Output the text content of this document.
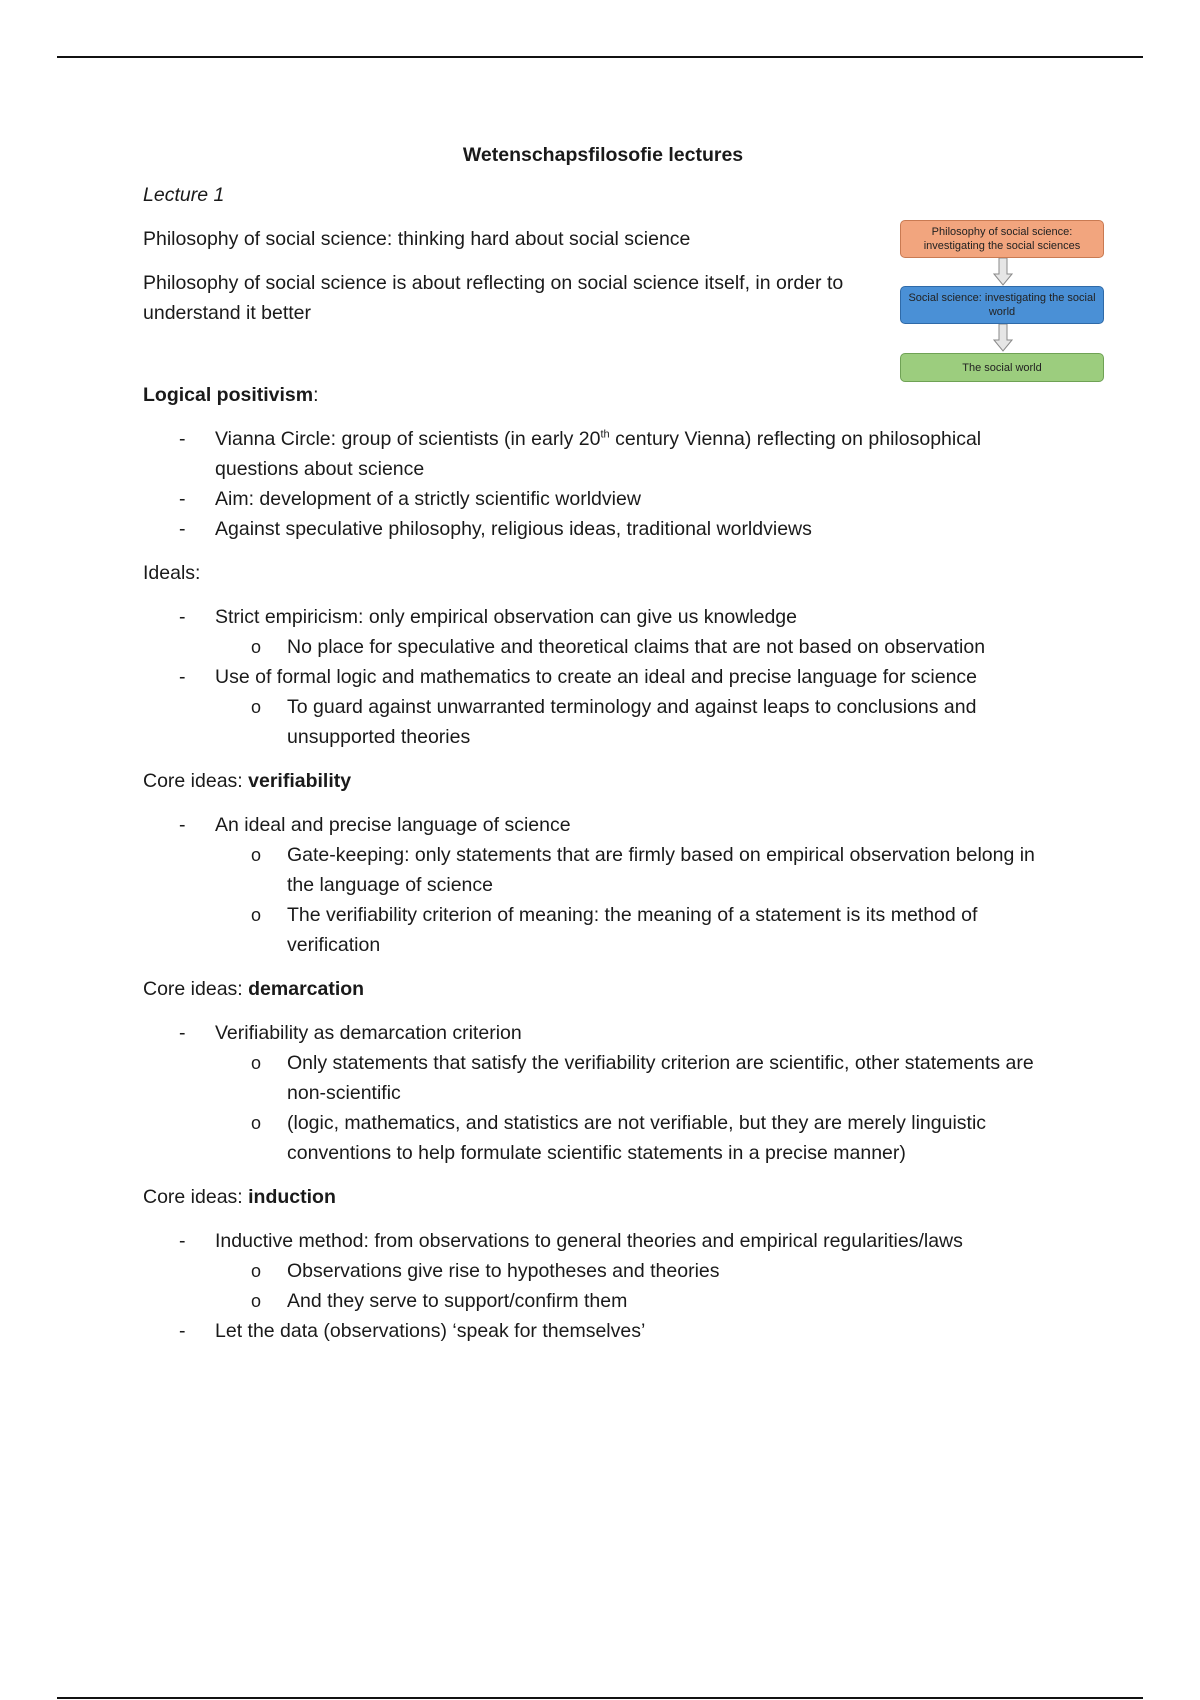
Wetenschapsfilosofie lectures

Lecture 1

Philosophy of social science: thinking hard about social science

Philosophy of social science is about reflecting on social science itself, in order to understand it better

Logical positivism:

- Vianna Circle: group of scientists (in early 20th century Vienna) reflecting on philosophical questions about science
- Aim: development of a strictly scientific worldview
- Against speculative philosophy, religious ideas, traditional worldviews

Ideals:

- Strict empiricism: only empirical observation can give us knowledge
o No place for speculative and theoretical claims that are not based on observation
- Use of formal logic and mathematics to create an ideal and precise language for science
o To guard against unwarranted terminology and against leaps to conclusions and unsupported theories

Core ideas: verifiability

- An ideal and precise language of science
o Gate-keeping: only statements that are firmly based on empirical observation belong in the language of science
o The verifiability criterion of meaning: the meaning of a statement is its method of verification

Core ideas: demarcation

- Verifiability as demarcation criterion
o Only statements that satisfy the verifiability criterion are scientific, other statements are non-scientific
o (logic, mathematics, and statistics are not verifiable, but they are merely linguistic conventions to help formulate scientific statements in a precise manner)

Core ideas: induction

- Inductive method: from observations to general theories and empirical regularities/laws
o Observations give rise to hypotheses and theories
o And they serve to support/confirm them
- Let the data (observations) ‘speak for themselves’
Philosophy of social science: investigating the social sciences
Social science: investigating the social world
The social world
